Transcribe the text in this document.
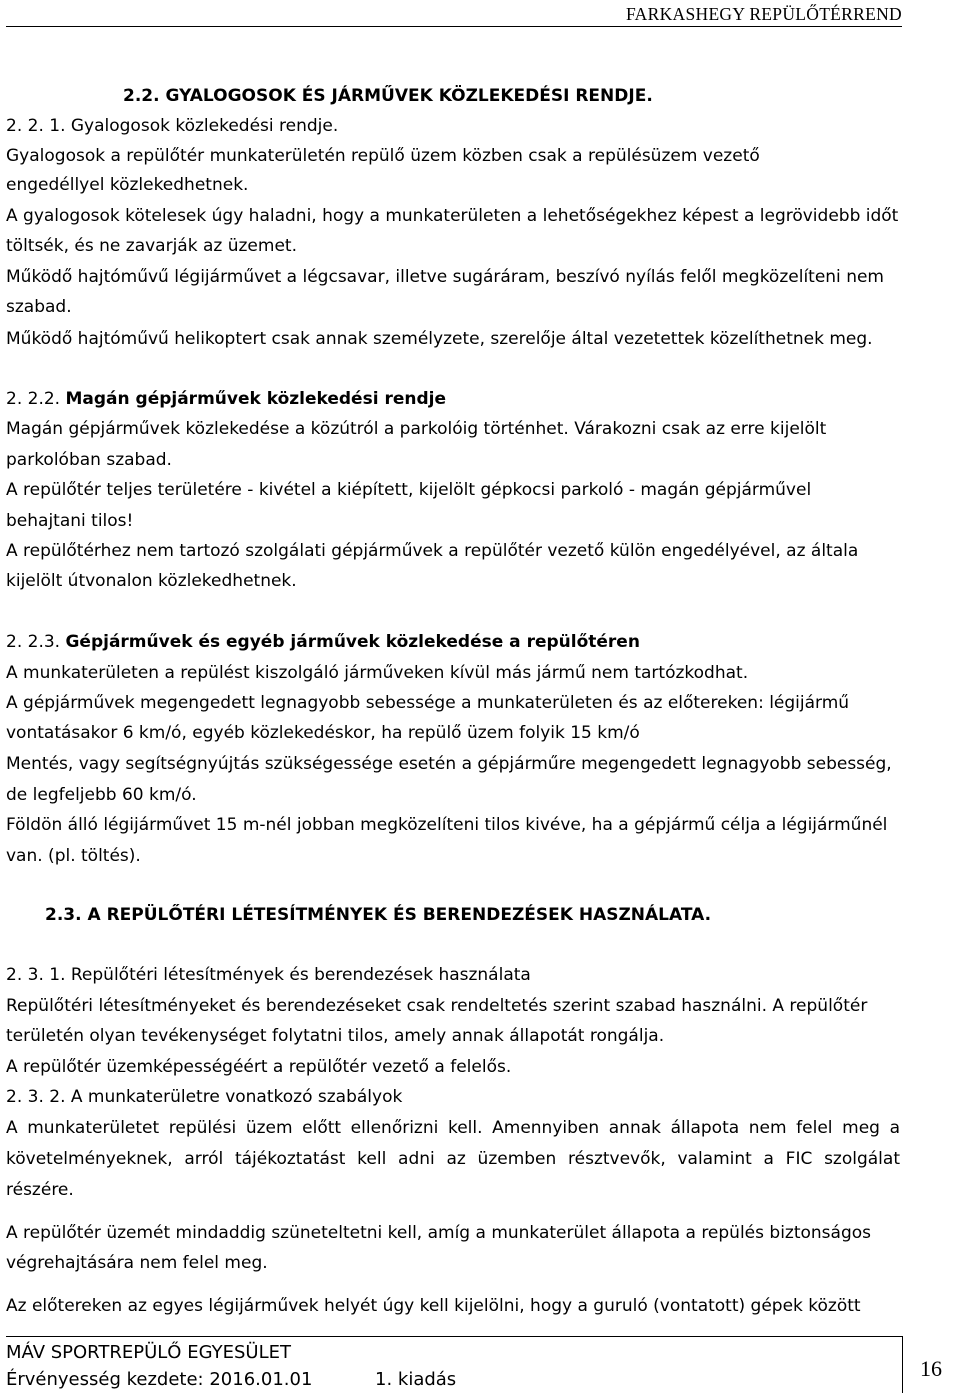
FARKASHEGY REPÜLŐTÉRREND
2.2. GYALOGOSOK ÉS JÁRMŰVEK KÖZLEKEDÉSI RENDJE.
2. 2. 1. Gyalogosok közlekedési rendje.
Gyalogosok a repülőtér munkaterületén repülő üzem közben csak a repülésüzem vezető
engedéllyel közlekedhetnek.
A gyalogosok kötelesek úgy haladni, hogy a munkaterületen a lehetőségekhez képest a legrövidebb időt
töltsék, és ne zavarják az üzemet.
Működő hajtóművű légijárművet a légcsavar, illetve sugáráram, beszívó nyílás felől megközelíteni nem
szabad.
Működő hajtóművű helikoptert csak annak személyzete, szerelője által vezetettek közelíthetnek meg.
2. 2.2. Magán gépjárművek közlekedési rendje
Magán gépjárművek közlekedése a közútról a parkolóig történhet. Várakozni csak az erre kijelölt
parkolóban szabad.
A repülőtér teljes területére - kivétel a kiépített, kijelölt gépkocsi parkoló - magán gépjárművel
behajtani tilos!
A repülőtérhez nem tartozó szolgálati gépjárművek a repülőtér vezető külön engedélyével, az általa
kijelölt útvonalon közlekedhetnek.
2. 2.3. Gépjárművek és egyéb járművek közlekedése a repülőtéren
A munkaterületen a repülést kiszolgáló járműveken kívül más jármű nem tartózkodhat.
A gépjárművek megengedett legnagyobb sebessége a munkaterületen és az előtereken: légijármű
vontatásakor 6 km/ó, egyéb közlekedéskor, ha repülő üzem folyik 15 km/ó
Mentés, vagy segítségnyújtás szükségessége esetén a gépjárműre megengedett legnagyobb sebesség,
de legfeljebb 60 km/ó.
Földön álló légijárművet 15 m-nél jobban megközelíteni tilos kivéve, ha a gépjármű célja a légijárműnél
van. (pl. töltés).
2.3. A REPÜLŐTÉRI LÉTESÍTMÉNYEK ÉS BERENDEZÉSEK HASZNÁLATA.
2. 3. 1. Repülőtéri létesítmények és berendezések használata
Repülőtéri létesítményeket és berendezéseket csak rendeltetés szerint szabad használni. A repülőtér
területén olyan tevékenységet folytatni tilos, amely annak állapotát rongálja.
A repülőtér üzemképességéért a repülőtér vezető a felelős.
2. 3. 2. A munkaterületre vonatkozó szabályok
A munkaterületet repülési üzem előtt ellenőrizni kell. Amennyiben annak állapota nem felel meg a
követelményeknek, arról tájékoztatást kell adni az üzemben résztvevők, valamint a FIC szolgálat
részére.
A repülőtér üzemét mindaddig szüneteltetni kell, amíg a munkaterület állapota a repülés biztonságos
végrehajtására nem felel meg.
Az előtereken az egyes légijárművek helyét úgy kell kijelölni, hogy a guruló (vontatott) gépek között
MÁV SPORTREPÜLŐ EGYESÜLET
Érvényesség kezdete: 2016.01.01	1. kiadás	16
